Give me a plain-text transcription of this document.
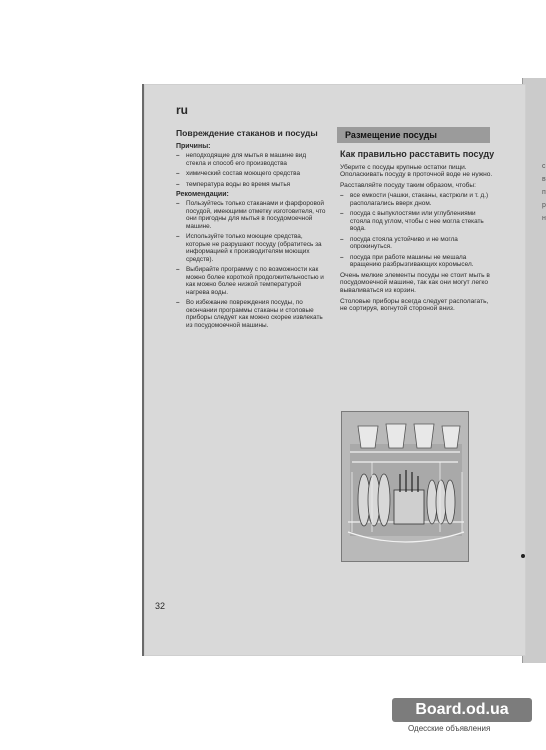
ru
Повреждение стаканов и посуды
Причины:
– неподходящие для мытья в машине вид стекла и способ его производства
– химический состав моющего средства
– температура воды во время мытья
Рекомендации:
– Пользуйтесь только стаканами и фарфоровой посудой, имеющими отметку изготовителя, что они пригодны для мытья в посудомоечной машине.
– Используйте только моющие средства, которые не разрушают посуду (обратитесь за информацией к производителям моющих средств).
– Выбирайте программу с по возможности как можно более короткой продолжительностью и как можно более низкой температурой нагрева воды.
– Во избежание повреждения посуды, по окончании программы стаканы и столовые приборы следует как можно скорее извлекать из посудомоечной машины.
Размещение посуды
Как правильно расставить посуду

Уберите с посуды крупные остатки пищи. Ополаскивать посуду в проточной воде не нужно.

Расставляйте посуду таким образом, чтобы:

– все емкости (чашки, стаканы, кастрюли и т. д.) располагались вверх дном.
– посуда с выпуклостями или углублениями стояла под углом, чтобы с нее могла стекать вода.
– посуда стояла устойчиво и не могла опрокинуться.
– посуда при работе машины не мешала вращению разбрызгивающих коромысел.

Очень мелкие элементы посуды не стоит мыть в посудомоечной машине, так как они могут легко вываливаться из корзин.

Столовые приборы всегда следует располагать, не сортируя, вогнутой стороной вниз.

32
с
в
п
р
н
Board.od.ua
Одесские объявления
